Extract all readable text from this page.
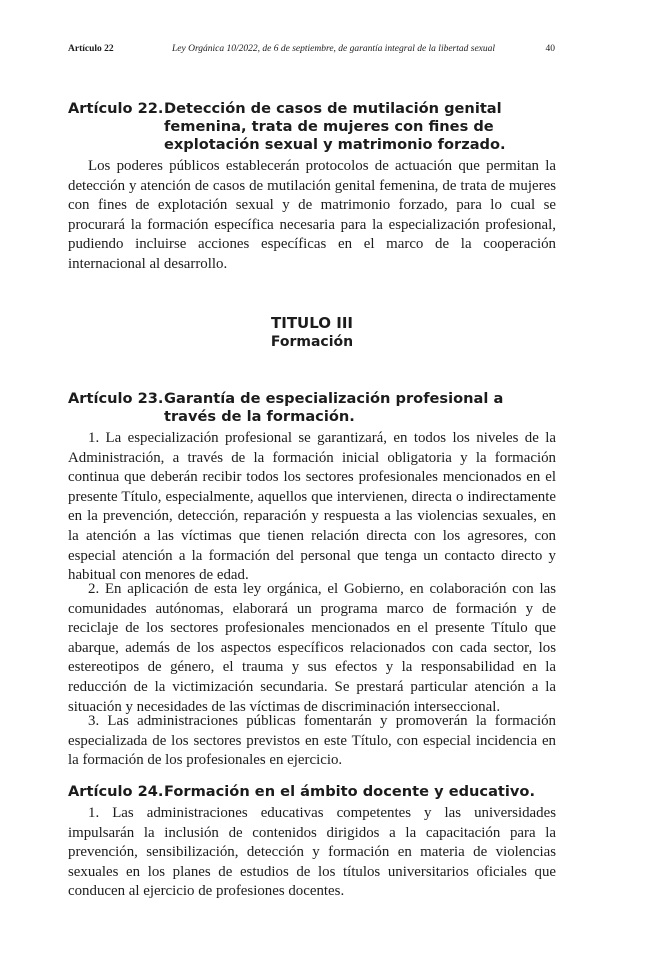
Artículo 22	Ley Orgánica 10/2022, de 6 de septiembre, de garantía integral de la libertad sexual	40
Artículo 22. Detección de casos de mutilación genital femenina, trata de mujeres con fines de explotación sexual y matrimonio forzado.

Los poderes públicos establecerán protocolos de actuación que permitan la detección y atención de casos de mutilación genital femenina, de trata de mujeres con fines de explotación sexual y de matrimonio forzado, para lo cual se procurará la formación específica necesaria para la especialización profesional, pudiendo incluirse acciones específicas en el marco de la cooperación internacional al desarrollo.

TITULO III
Formación
Artículo 23. Garantía de especialización profesional a través de la formación.

1. La especialización profesional se garantizará, en todos los niveles de la Administración, a través de la formación inicial obligatoria y la formación continua que deberán recibir todos los sectores profesionales mencionados en el presente Título, especialmente, aquellos que intervienen, directa o indirectamente en la prevención, detección, reparación y respuesta a las violencias sexuales, en la atención a las víctimas que tienen relación directa con los agresores, con especial atención a la formación del personal que tenga un contacto directo y habitual con menores de edad.

2. En aplicación de esta ley orgánica, el Gobierno, en colaboración con las comunidades autónomas, elaborará un programa marco de formación y de reciclaje de los sectores profesionales mencionados en el presente Título que abarque, además de los aspectos específicos relacionados con cada sector, los estereotipos de género, el trauma y sus efectos y la responsabilidad en la reducción de la victimización secundaria. Se prestará particular atención a la situación y necesidades de las víctimas de discriminación interseccional.

3. Las administraciones públicas fomentarán y promoverán la formación especializada de los sectores previstos en este Título, con especial incidencia en la formación de los profesionales en ejercicio.

Artículo 24. Formación en el ámbito docente y educativo.

1. Las administraciones educativas competentes y las universidades impulsarán la inclusión de contenidos dirigidos a la capacitación para la prevención, sensibilización, detección y formación en materia de violencias sexuales en los planes de estudios de los títulos universitarios oficiales que conducen al ejercicio de profesiones docentes.
